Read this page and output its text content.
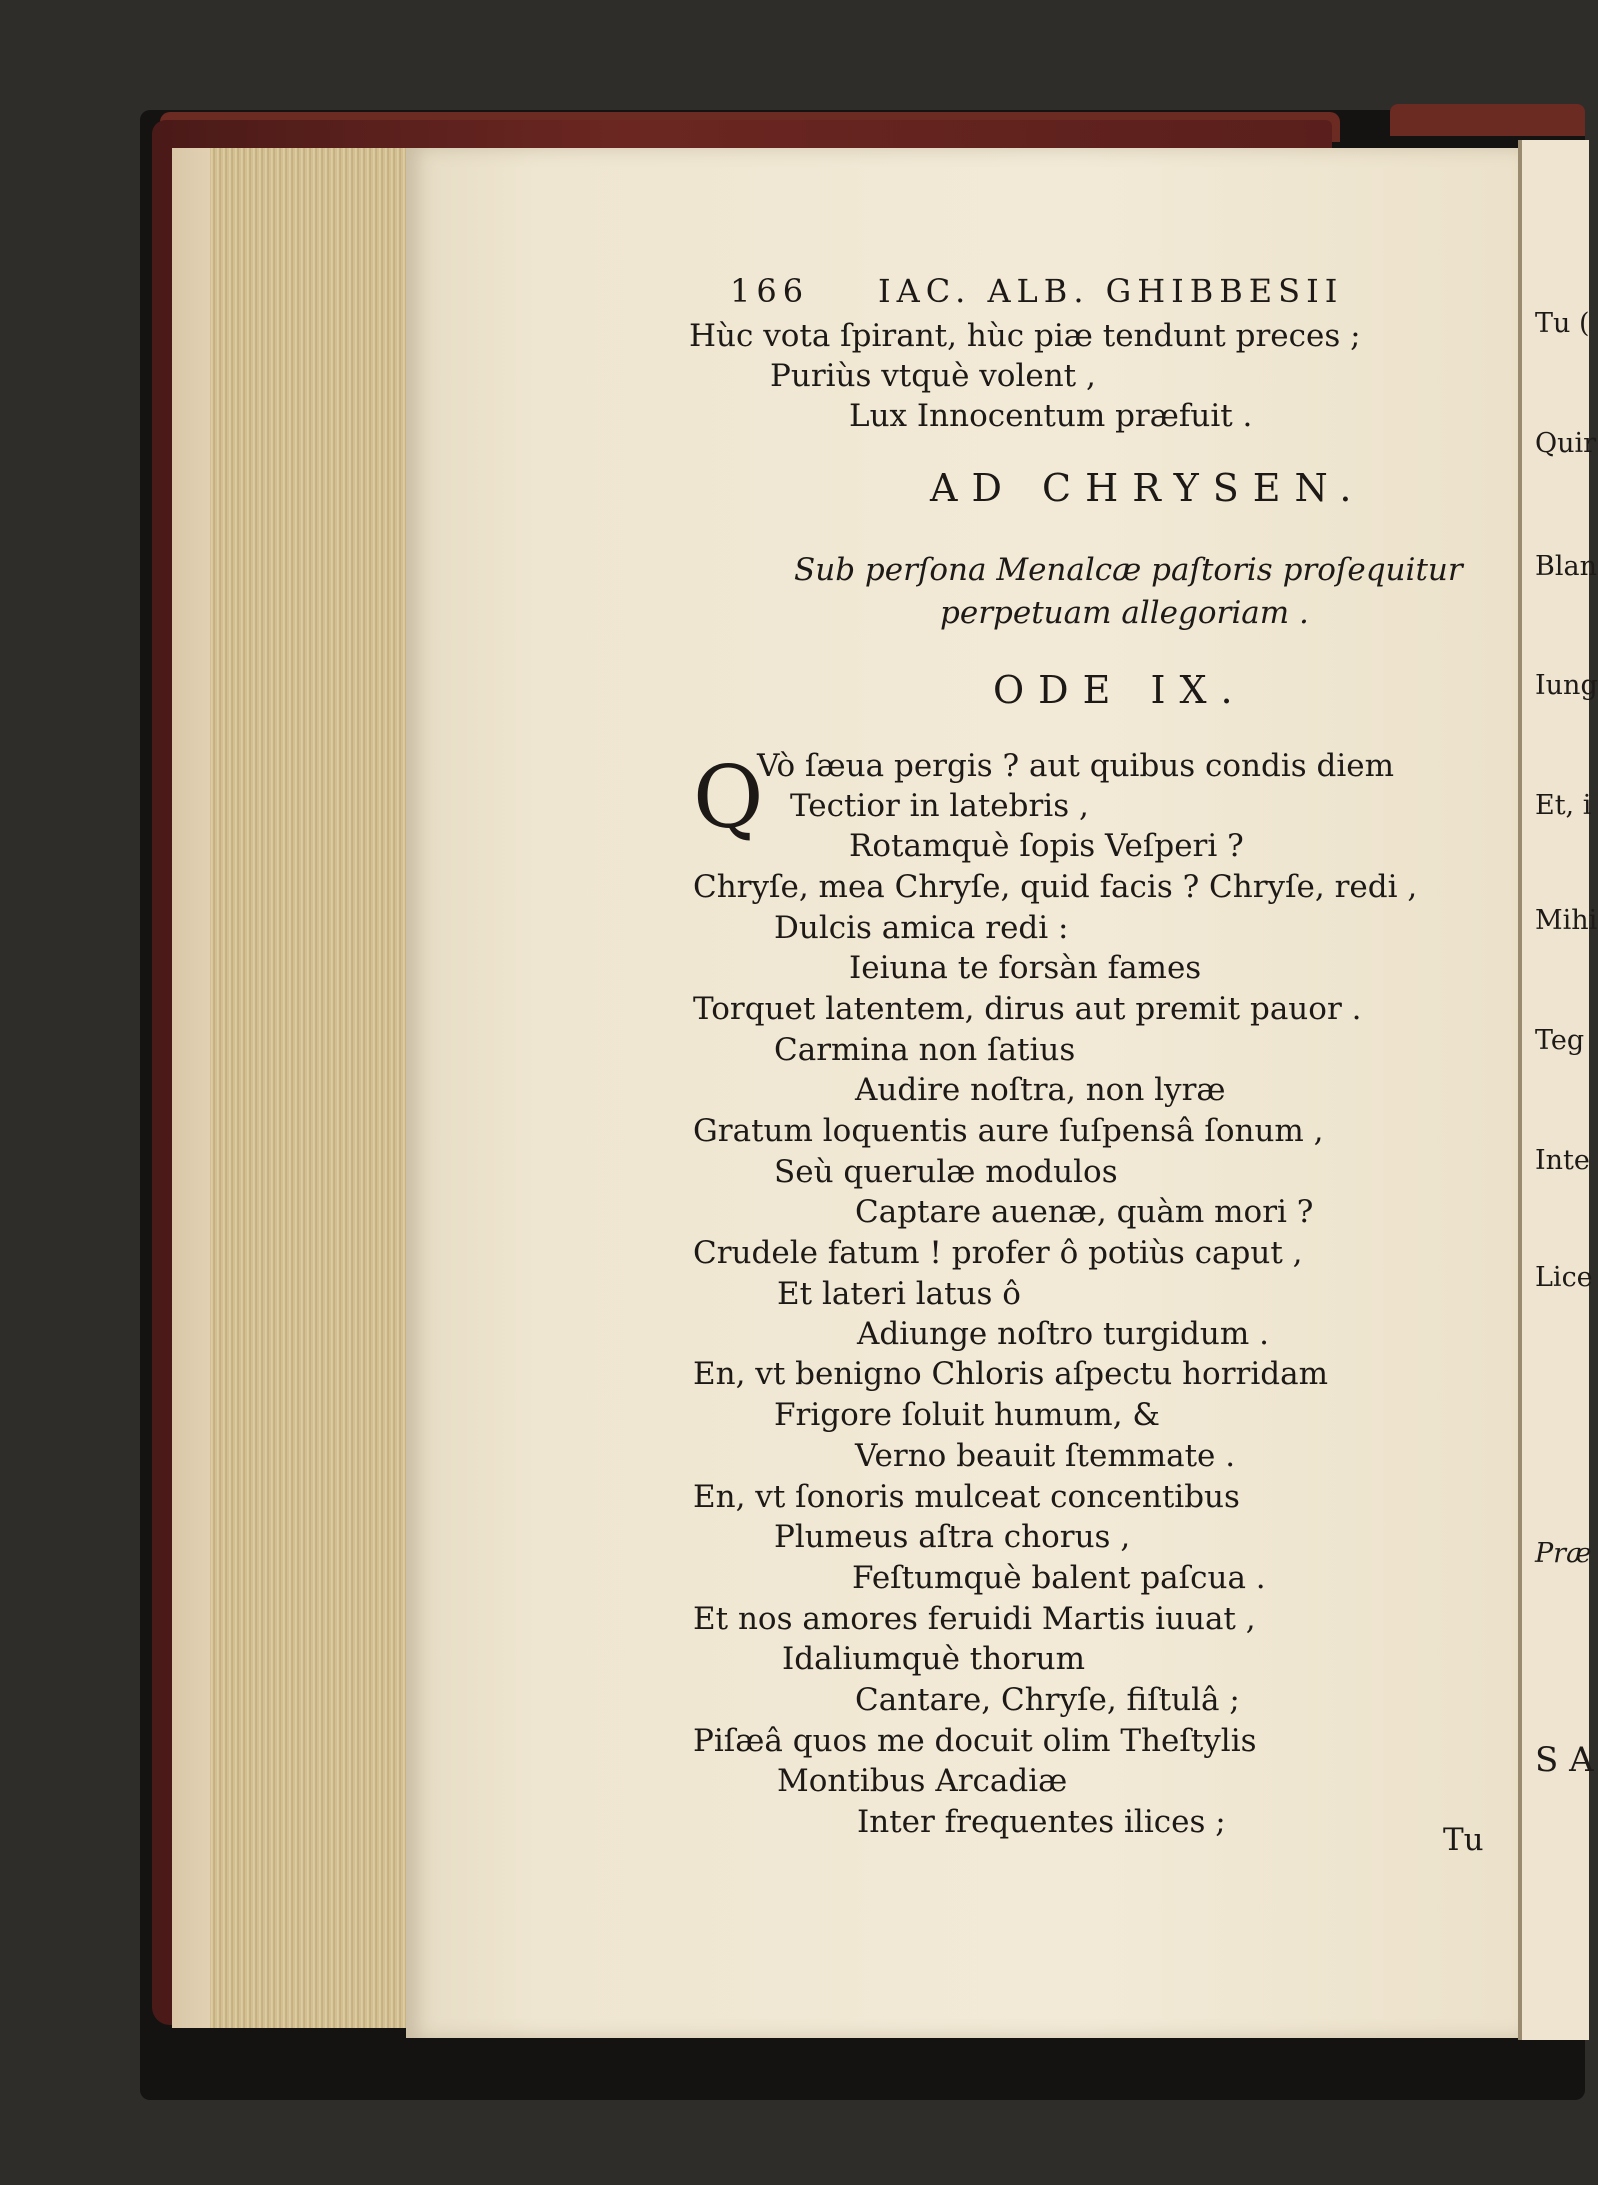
166 IAC. ALB. GHIBBESII
Hùc vota ſpirant, hùc piæ tendunt preces ;
Puriùs vtquè volent ,
Lux Innocentum præfuit .
AD CHRYSEN.
Sub perſona Menalcæ paſtoris proſequitur
perpetuam allegoriam .
ODE IX.
Q
Vò ſæua pergis ? aut quibus condis diem
Tectior in latebris ,
Rotamquè ſopis Veſperi ?
Chryſe, mea Chryſe, quid facis ? Chryſe, redi ,
Dulcis amica redi :
Ieiuna te forsàn fames
Torquet latentem, dirus aut premit pauor .
Carmina non ſatius
Audire noſtra, non lyræ
Gratum loquentis aure ſuſpensâ ſonum ,
Seù querulæ modulos
Captare auenæ, quàm mori ?
Crudele fatum ! profer ô potiùs caput ,
Et lateri latus ô
Adiunge noſtro turgidum .
En, vt benigno Chloris aſpectu horridam
Frigore ſoluit humum, &
Verno beauit ſtemmate .
En, vt ſonoris mulceat concentibus
Plumeus aſtra chorus ,
Feſtumquè balent paſcua .
Et nos amores feruidi Martis iuuat ,
Idaliumquè thorum
Cantare, Chryſe, fiſtulâ ;
Piſæâ quos me docuit olim Theſtylis
Montibus Arcadiæ
Inter frequentes ilices ;	Tu
Tu (
Quir
Blan
Iung
Et, i
Mihi
Teg
Inte
Lice
Præ
S A
